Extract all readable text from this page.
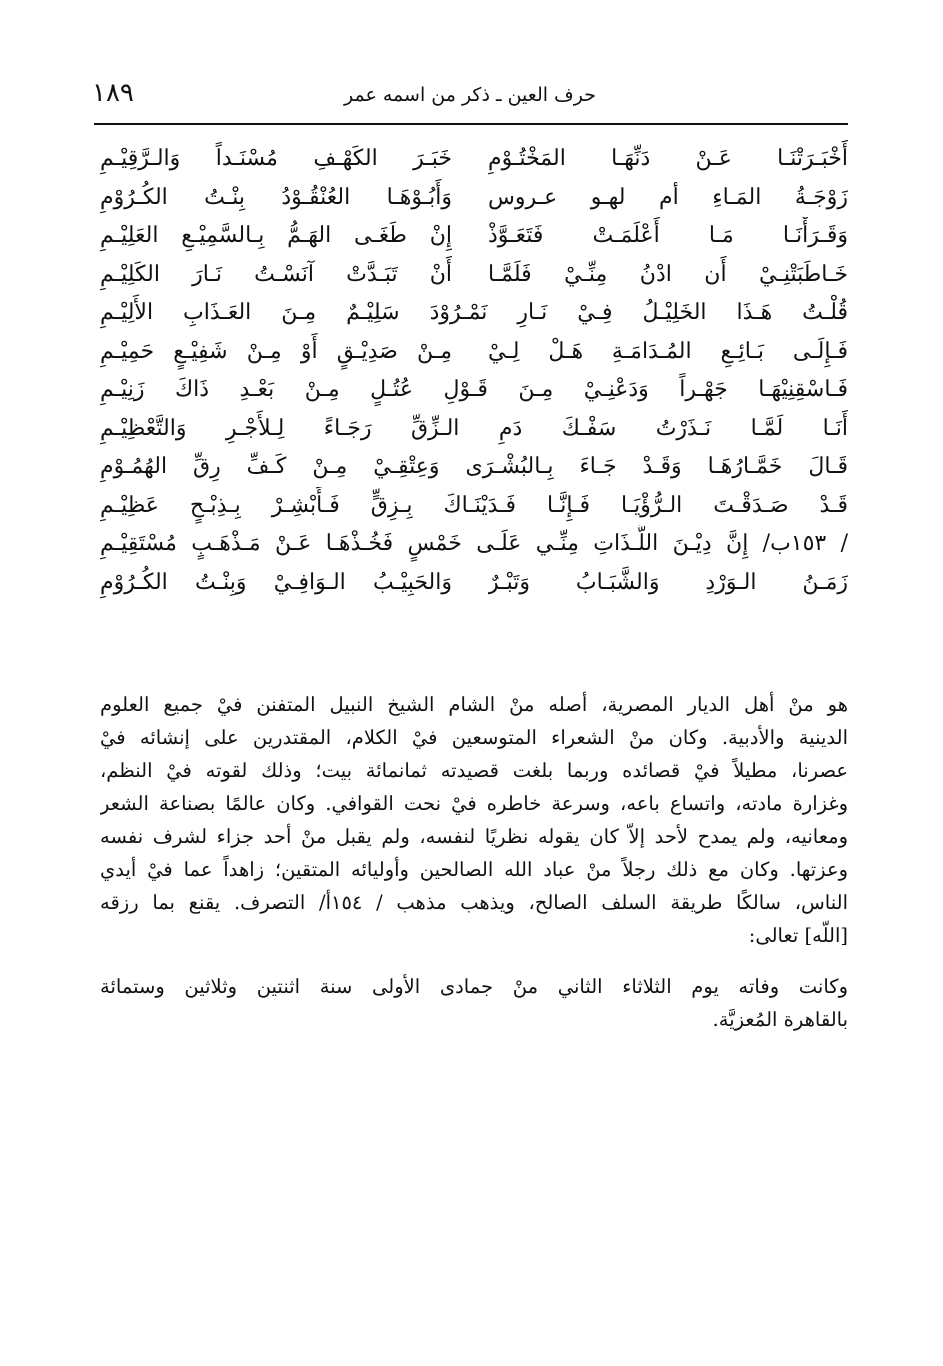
١٨٩	حرف العين ـ ذكر من اسمه عمر
أَخْبَـرَتْنَـا عَـنْ دَنِّهَـا المَخْتُـوْمِ
خَبَـرَ الكَهْـفِ مُسْنَـداً وَالـرَّقِيْـمِ
زَوْجَـةُ المَـاءِ أم لهـو عـروس
وَأَبُـوْهَـا العُنْقُـوْدُ بِنْـتُ الكُـرُوْمِ
وَقَـرَأْنَـا مَـا أَعْلَمَـتْ فَتَعَـوَّذْ
إِنْ طَغَـى الهَـمُّ بِـالسَّمِيْـعِ العَلِيْـمِ
خَـاطَبَتْنِـيْ أَن ادْنُ مِنِّـيْ فَلَمَّـا
أَنْ تَبَـدَّتْ آنَسْـتُ نَـارَ الكَلِيْـمِ
قُلْـتُ هَـذَا الخَلِيْـلُ فِـيْ نَـارِ نَمْـرُوْدَ سَلِيْـمٌ مِـنَ العَـذَابِ الأَلِيْـمِ
فَـإِلَـى بَـائِـعِ المُـدَامَـةِ هَـلْ لِـيْ
مِـنْ صَدِيْـقٍ أَوْ مِـنْ شَفِيْـعٍ حَمِيْـمِ
فَـاسْقِنِيْهَـا جَهْـراً وَدَعْنِـيْ مِـنَ قَـوْلِ عُتُـلٍ مِـنْ بَعْـدِ ذَاكَ زَنِيْـمِ
أَنَـا لَمَّـا نَـذَرْتُ سَفْـكَ دَمِ الـزِّقِّ رَجَـاءً لِـلأَجْـرِ وَالتَّعْظِيْـمِ
قَـالَ خَمَّـارُهَـا وَقَـدْ جَـاءَ بِـالبُشْـرَى وَعِتْقِـيْ مِـنْ كَـفِّ رِقِّ الهُمُـوْمِ
قَـدْ صَـدَقْـتَ الـرُّؤْيَـا فَـإِنَّـا فَـدَيْنَـاكَ بِـزِقٍّ فَـأَبْشِـرْ بِـذِبْـحٍ عَظِيْـمِ
/ ١٥٣ب/ إِنَّ دِيْـنَ اللَّـذَاتِ مِنِّـي عَلَـى خَمْسٍ فَخُـذْهَـا عَـنْ مَـذْهَـبٍ مُسْتَقِيْـمِ
زَمَـنُ الـوَرْدِ وَالشَّبَـابُ وَتَبْـرٌ
وَالحَبِيْـبُ الـوَافِـيْ وَبِنْـتُ الكُـرُوْمِ

هو منْ أهل الديار المصرية، أصله منْ الشام الشيخ النبيل المتفنن فيْ جميع العلوم
الدينية والأدبية. وكان منْ الشعراء المتوسعين فيْ الكلام، المقتدرين على إنشائه فيْ
عصرنا، مطيلاً فيْ قصائده وربما بلغت قصيدته ثمانمائة بيت؛ وذلك لقوته فيْ النظم،
وغزارة مادته، واتساع باعه، وسرعة خاطره فيْ نحت القوافي. وكان عالمًا بصناعة الشعر
ومعانيه، ولم يمدح لأحد إلاّ كان يقوله نظريًا لنفسه، ولم يقبل منْ أحد جزاء لشرف نفسه
وعزتها. وكان مع ذلك رجلاً منْ عباد الله الصالحين وأوليائه المتقين؛ زاهداً عما فيْ أيدي
الناس، سالكًا طريقة السلف الصالح، ويذهب مذهب / ١٥٤أ/ التصرف. يقنع بما رزقه
[اللّه] تعالى:

وكانت وفاته يوم الثلاثاء الثاني منْ جمادى الأولى سنة اثنتين وثلاثين وستمائة
بالقاهرة المُعزيَّة.
